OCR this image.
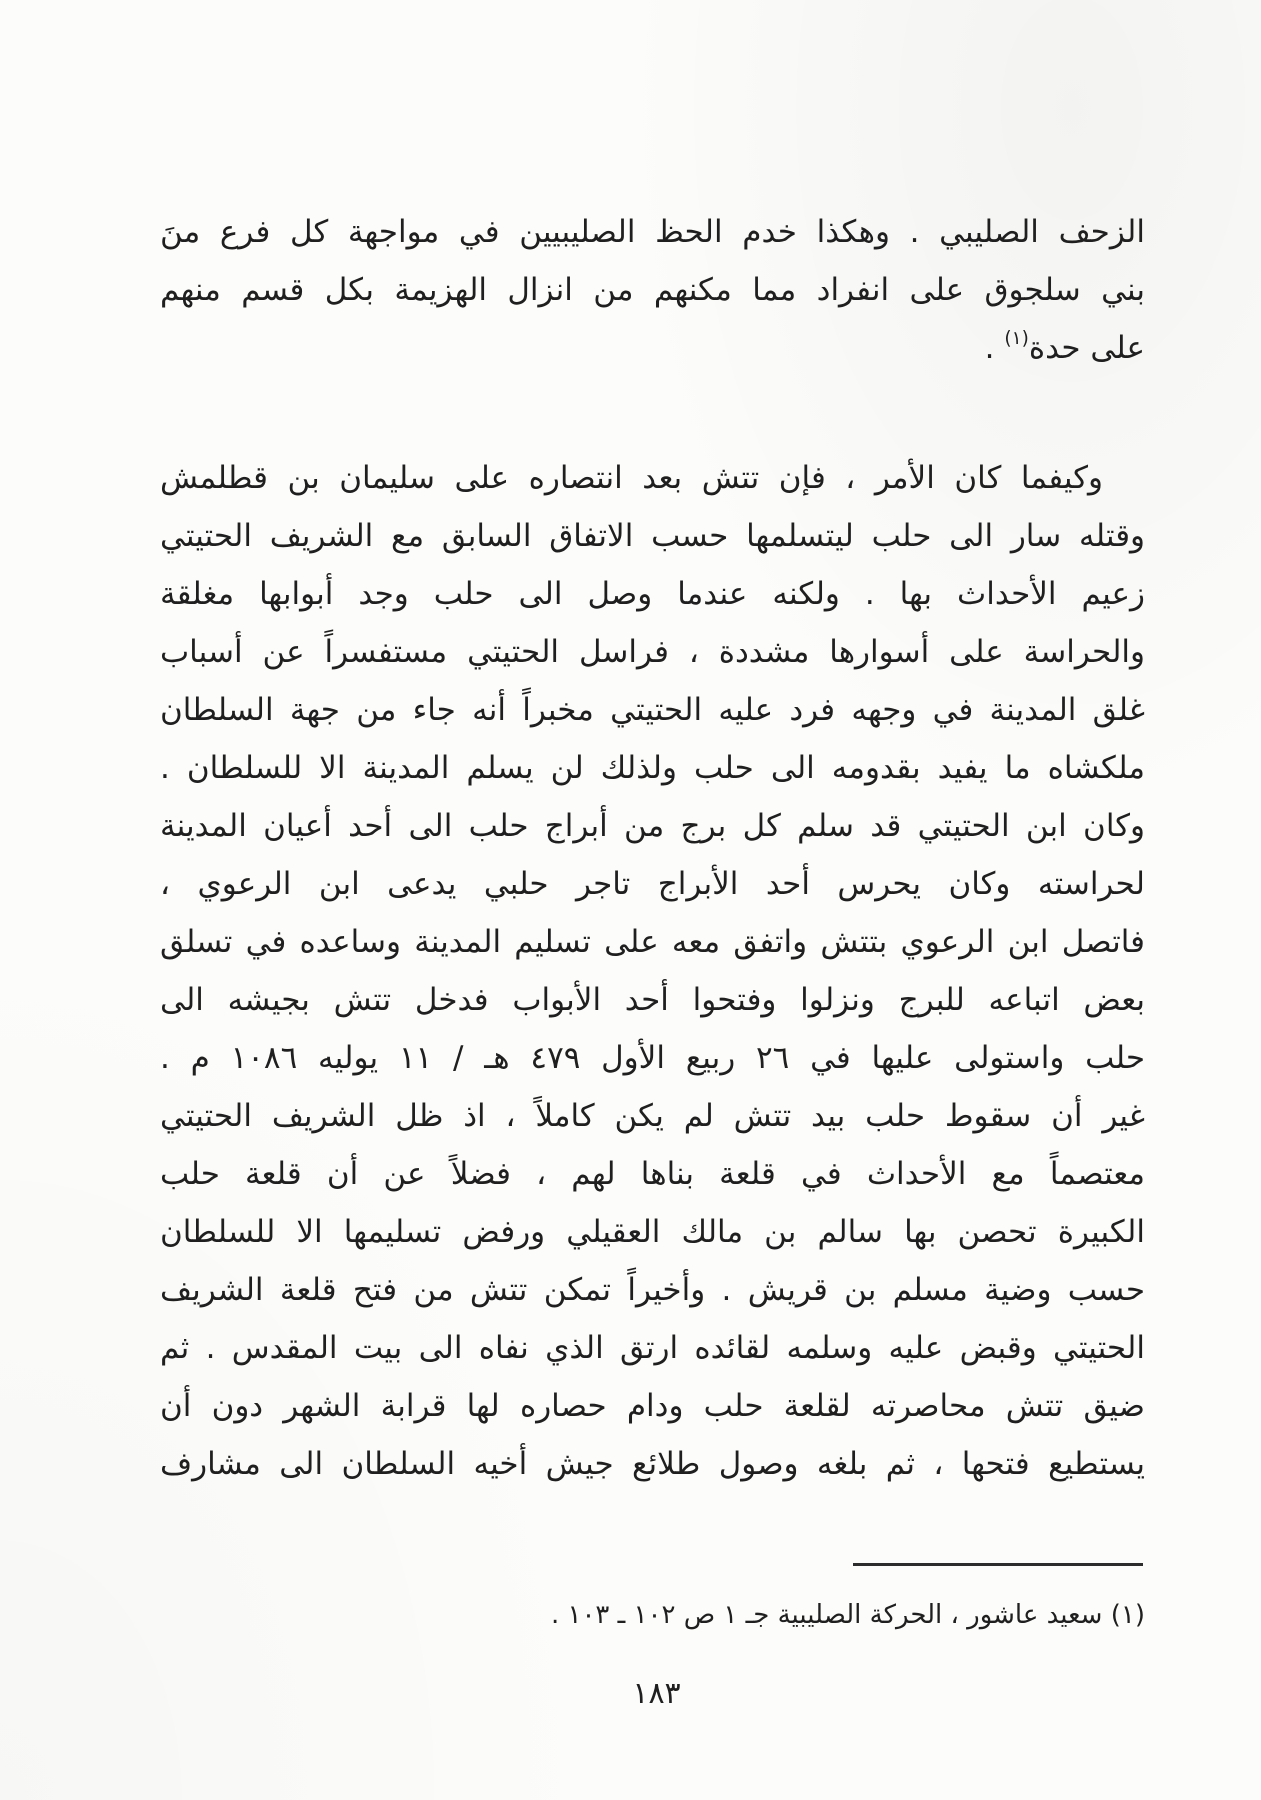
الزحف الصليبي . وهكذا خدم الحظ الصليبيين في مواجهة كل فرع منَ
بني سلجوق على انفراد مما مكنهم من انزال الهزيمة بكل قسم منهم
على حدة$^{(١)}$ .
وكيفما كان الأمر ، فإن تتش بعد انتصاره على سليمان بن قطلمش
وقتله سار الى حلب ليتسلمها حسب الاتفاق السابق مع الشريف الحتيتي
زعيم الأحداث بها . ولكنه عندما وصل الى حلب وجد أبوابها مغلقة
والحراسة على أسوارها مشددة ، فراسل الحتيتي مستفسراً عن أسباب
غلق المدينة في وجهه فرد عليه الحتيتي مخبراً أنه جاء من جهة السلطان
ملكشاه ما يفيد بقدومه الى حلب ولذلك لن يسلم المدينة الا للسلطان .
وكان ابن الحتيتي قد سلم كل برج من أبراج حلب الى أحد أعيان المدينة
لحراسته وكان يحرس أحد الأبراج تاجر حلبي يدعى ابن الرعوي ،
فاتصل ابن الرعوي بتتش واتفق معه على تسليم المدينة وساعده في تسلق
بعض اتباعه للبرج ونزلوا وفتحوا أحد الأبواب فدخل تتش بجيشه الى
حلب واستولى عليها في ٢٦ ربيع الأول ٤٧٩ هـ / ١١ يوليه ١٠٨٦ م .
غير أن سقوط حلب بيد تتش لم يكن كاملاً ، اذ ظل الشريف الحتيتي
معتصماً مع الأحداث في قلعة بناها لهم ، فضلاً عن أن قلعة حلب
الكبيرة تحصن بها سالم بن مالك العقيلي ورفض تسليمها الا للسلطان
حسب وضية مسلم بن قريش . وأخيراً تمكن تتش من فتح قلعة الشريف
الحتيتي وقبض عليه وسلمه لقائده ارتق الذي نفاه الى بيت المقدس . ثم
ضيق تتش محاصرته لقلعة حلب ودام حصاره لها قرابة الشهر دون أن
يستطيع فتحها ، ثم بلغه وصول طلائع جيش أخيه السلطان الى مشارف
(١) سعيد عاشور ، الحركة الصليبية جـ ١ ص ١٠٢ ـ ١٠٣ .
١٨٣
